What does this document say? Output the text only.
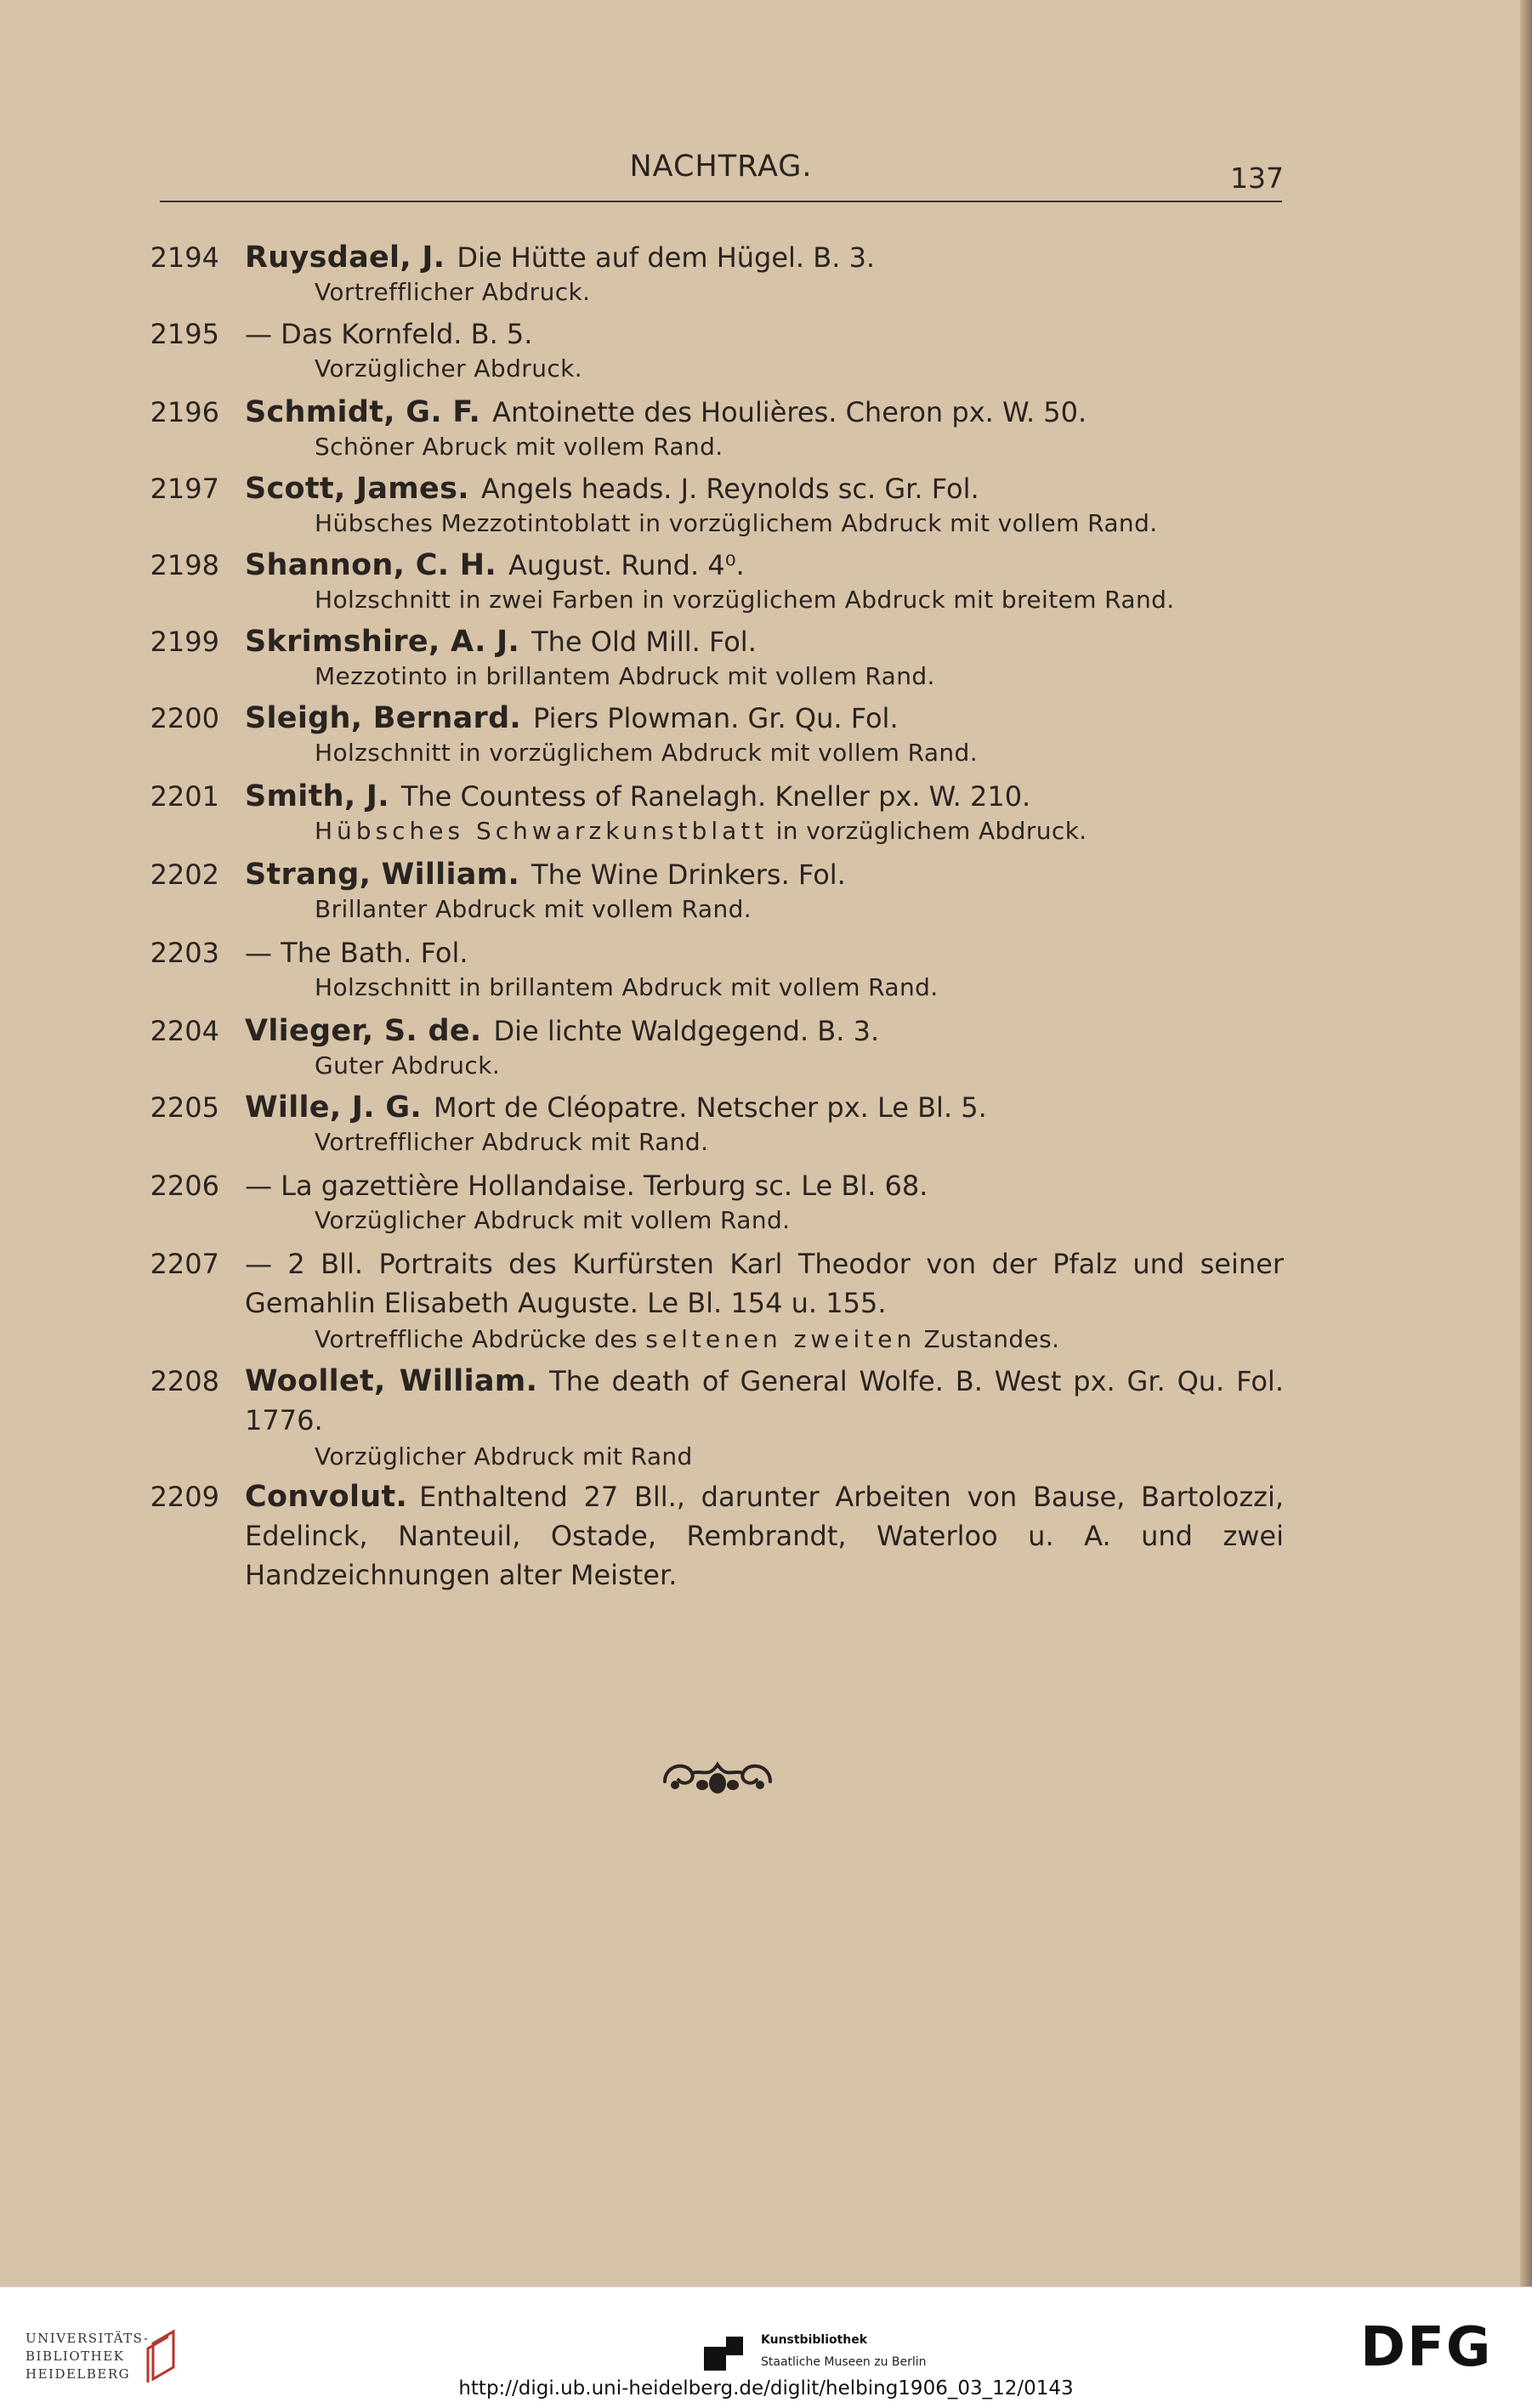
NACHTRAG.	137
2194 Ruysdael, J. Die Hütte auf dem Hügel. B. 3.
Vortrefflicher Abdruck.
2195 — Das Kornfeld. B. 5.
Vorzüglicher Abdruck.
2196 Schmidt, G. F. Antoinette des Houlières. Cheron px. W. 50.
Schöner Abruck mit vollem Rand.
2197 Scott, James. Angels heads. J. Reynolds sc. Gr. Fol.
Hübsches Mezzotintoblatt in vorzüglichem Abdruck mit vollem Rand.
2198 Shannon, C. H. August. Rund. 4⁰.
Holzschnitt in zwei Farben in vorzüglichem Abdruck mit breitem Rand.
2199 Skrimshire, A. J. The Old Mill. Fol.
Mezzotinto in brillantem Abdruck mit vollem Rand.
2200 Sleigh, Bernard. Piers Plowman. Gr. Qu. Fol.
Holzschnitt in vorzüglichem Abdruck mit vollem Rand.
2201 Smith, J. The Countess of Ranelagh. Kneller px. W. 210.
Hübsches Schwarzkunstblatt in vorzüglichem Abdruck.
2202 Strang, William. The Wine Drinkers. Fol.
Brillanter Abdruck mit vollem Rand.
2203 — The Bath. Fol.
Holzschnitt in brillantem Abdruck mit vollem Rand.
2204 Vlieger, S. de. Die lichte Waldgegend. B. 3.
Guter Abdruck.
2205 Wille, J. G. Mort de Cléopatre. Netscher px. Le Bl. 5.
Vortrefflicher Abdruck mit Rand.
2206 — La gazettière Hollandaise. Terburg sc. Le Bl. 68.
Vorzüglicher Abdruck mit vollem Rand.
2207 — 2 Bll. Portraits des Kurfürsten Karl Theodor von der Pfalz und seiner Gemahlin Elisabeth Auguste. Le Bl. 154 u. 155.
Vortreffliche Abdrücke des seltenen zweiten Zustandes.
2208 Woollet, William. The death of General Wolfe. B. West px. Gr. Qu. Fol. 1776.
Vorzüglicher Abdruck mit Rand
2209 Convolut. Enthaltend 27 Bll., darunter Arbeiten von Bause, Bartolozzi, Edelinck, Nanteuil, Ostade, Rembrandt, Waterloo u. A. und zwei Handzeichnungen alter Meister.
UNIVERSITÄTS-
BIBLIOTHEK
HEIDELBERG
Kunstbibliothek
Staatliche Museen zu Berlin	DFG
http://digi.ub.uni-heidelberg.de/diglit/helbing1906_03_12/0143
